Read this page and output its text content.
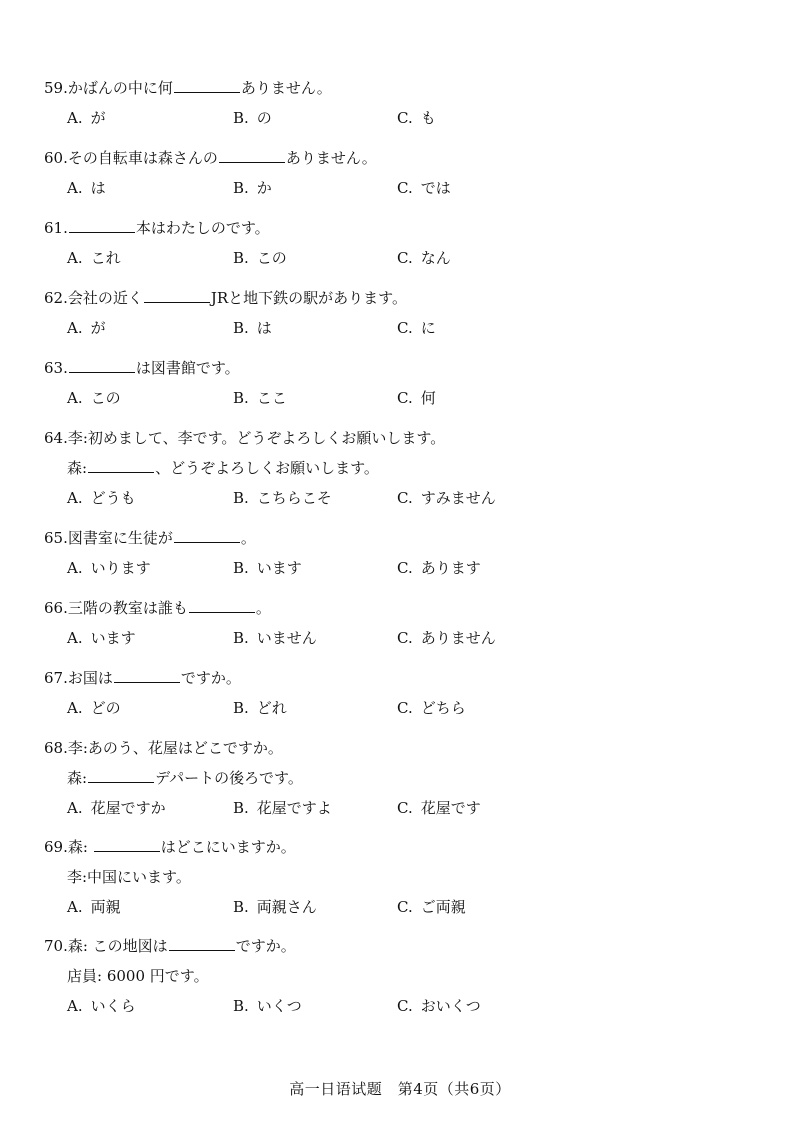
59.かばんの中に何	ありません。
A. が	B. の	C. も
60.その自転車は森さんの	ありません。
A. は	B. か	C. では
61.	本はわたしのです。
A. これ	B. この	C. なん
62.会社の近く	JRと地下鉄の駅があります。
A. が	B. は	C. に
63.	は図書館です。
A. この	B. ここ	C. 何
64.李:初めまして、李です。どうぞよろしくお願いします。
森:	、どうぞよろしくお願いします。
A. どうも	B. こちらこそ	C. すみません
65.図書室に生徒が	。
A. いります	B. います	C. あります
66.三階の教室は誰も	。
A. います	B. いません	C. ありません
67.お国は	ですか。
A. どの	B. どれ	C. どちら
68.李:あのう、花屋はどこですか。
森:	デパートの後ろです。
A. 花屋ですか	B. 花屋ですよ	C. 花屋です
69.森:	はどこにいますか。
李:中国にいます。
A. 両親	B. 両親さん	C. ご両親
70.森: この地図は	ですか。
店員: 6000 円です。
A. いくら	B. いくつ	C. おいくつ
高一日语试题　第4页（共6页）
